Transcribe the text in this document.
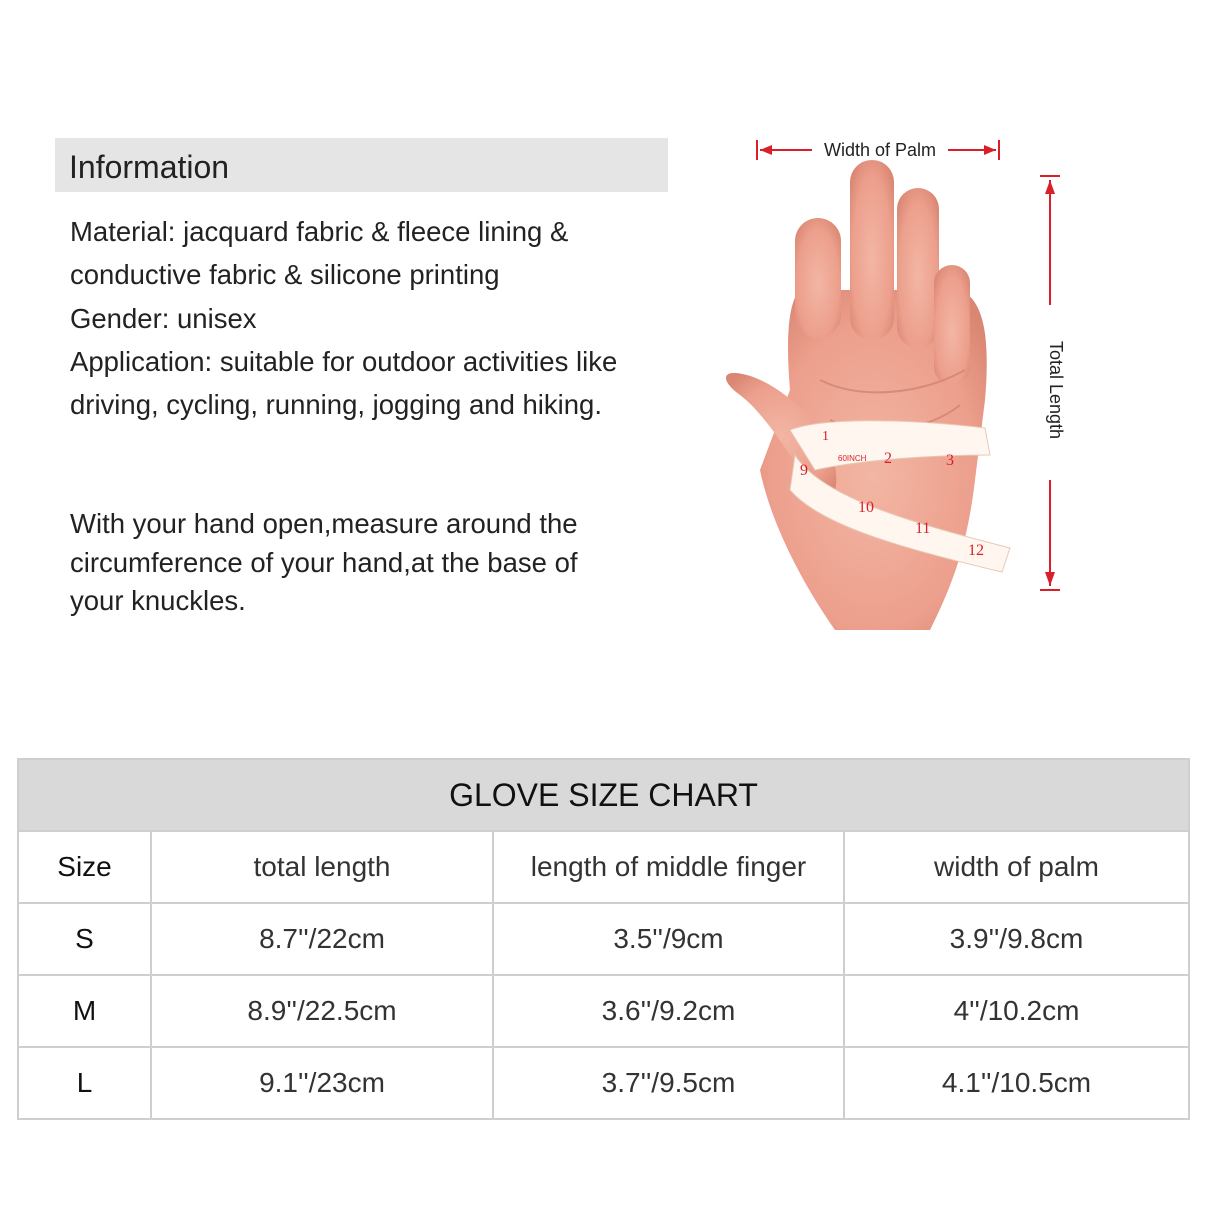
Information
Material: jacquard fabric & fleece lining &
conductive fabric & silicone printing
Gender: unisex
Application: suitable for outdoor activities like
driving, cycling, running, jogging and hiking.
With your hand open,measure around the
circumference of your hand,at the base of
your knuckles.
1
60INCH 2	3
9
10
11
12
Width of Palm
Total Length
GLOVE SIZE CHART			
Size	total length	length of middle finger	width of palm
S	8.7''/22cm	3.5''/9cm	3.9''/9.8cm
M	8.9''/22.5cm	3.6''/9.2cm	4''/10.2cm
L	9.1''/23cm	3.7''/9.5cm	4.1''/10.5cm
